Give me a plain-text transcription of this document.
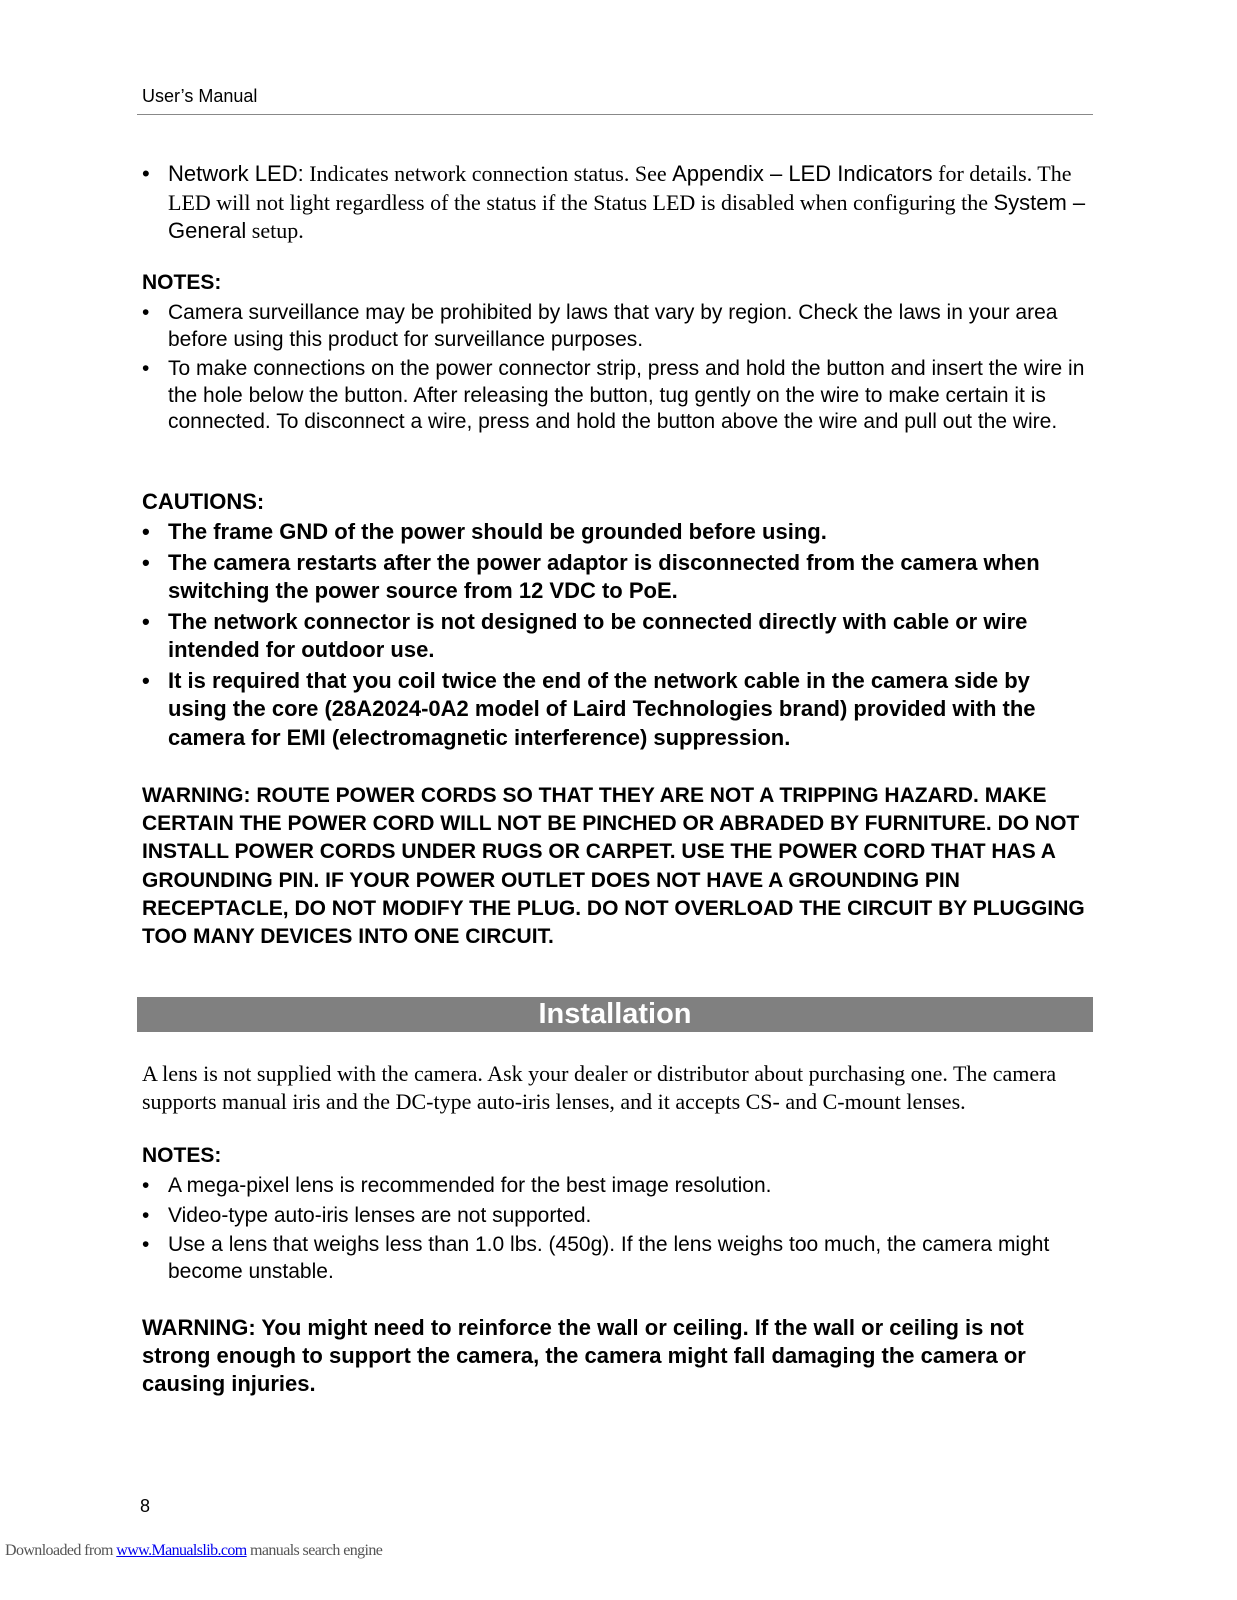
User’s Manual
• Network LED: Indicates network connection status. See Appendix – LED Indicators for details. The LED will not light regardless of the status if the Status LED is disabled when configuring the System – General setup.
NOTES:
• Camera surveillance may be prohibited by laws that vary by region. Check the laws in your area before using this product for surveillance purposes.
• To make connections on the power connector strip, press and hold the button and insert the wire in the hole below the button. After releasing the button, tug gently on the wire to make certain it is connected. To disconnect a wire, press and hold the button above the wire and pull out the wire.
CAUTIONS:
• The frame GND of the power should be grounded before using.
• The camera restarts after the power adaptor is disconnected from the camera when switching the power source from 12 VDC to PoE.
• The network connector is not designed to be connected directly with cable or wire intended for outdoor use.
• It is required that you coil twice the end of the network cable in the camera side by using the core (28A2024-0A2 model of Laird Technologies brand) provided with the camera for EMI (electromagnetic interference) suppression.
WARNING: ROUTE POWER CORDS SO THAT THEY ARE NOT A TRIPPING HAZARD. MAKE CERTAIN THE POWER CORD WILL NOT BE PINCHED OR ABRADED BY FURNITURE. DO NOT INSTALL POWER CORDS UNDER RUGS OR CARPET. USE THE POWER CORD THAT HAS A GROUNDING PIN. IF YOUR POWER OUTLET DOES NOT HAVE A GROUNDING PIN RECEPTACLE, DO NOT MODIFY THE PLUG. DO NOT OVERLOAD THE CIRCUIT BY PLUGGING TOO MANY DEVICES INTO ONE CIRCUIT.
Installation
A lens is not supplied with the camera. Ask your dealer or distributor about purchasing one. The camera supports manual iris and the DC-type auto-iris lenses, and it accepts CS- and C-mount lenses.
NOTES:
• A mega-pixel lens is recommended for the best image resolution.
• Video-type auto-iris lenses are not supported.
• Use a lens that weighs less than 1.0 lbs. (450g). If the lens weighs too much, the camera might become unstable.
WARNING: You might need to reinforce the wall or ceiling. If the wall or ceiling is not strong enough to support the camera, the camera might fall damaging the camera or causing injuries.
8
Downloaded from www.Manualslib.com manuals search engine
